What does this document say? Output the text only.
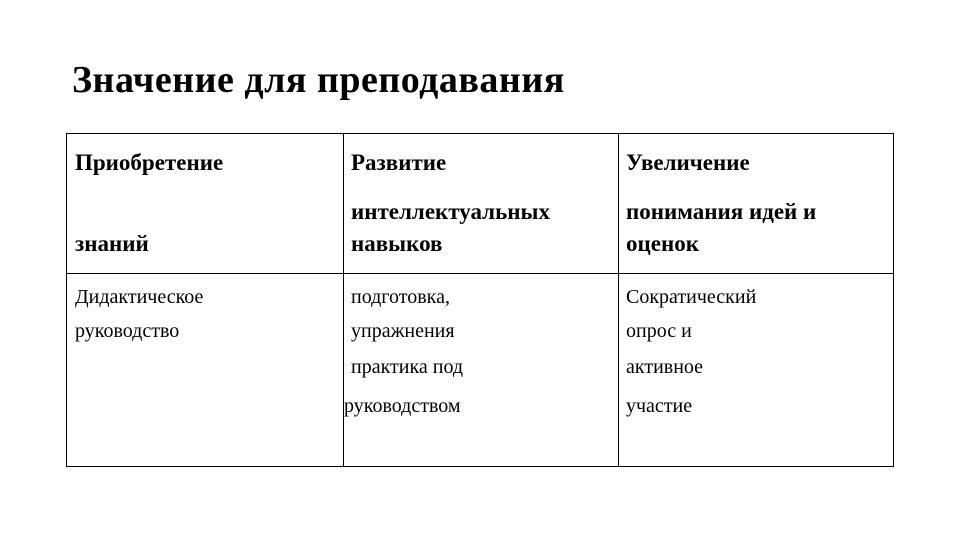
Значение для преподавания
Приобретение
знаний
Развитие
интеллектуальных
навыков
Увеличение
понимания идей и
оценок
Дидактическое
руководство
подготовка,
упражнения
практика под
руководством
Сократический
опрос и
активное
участие
